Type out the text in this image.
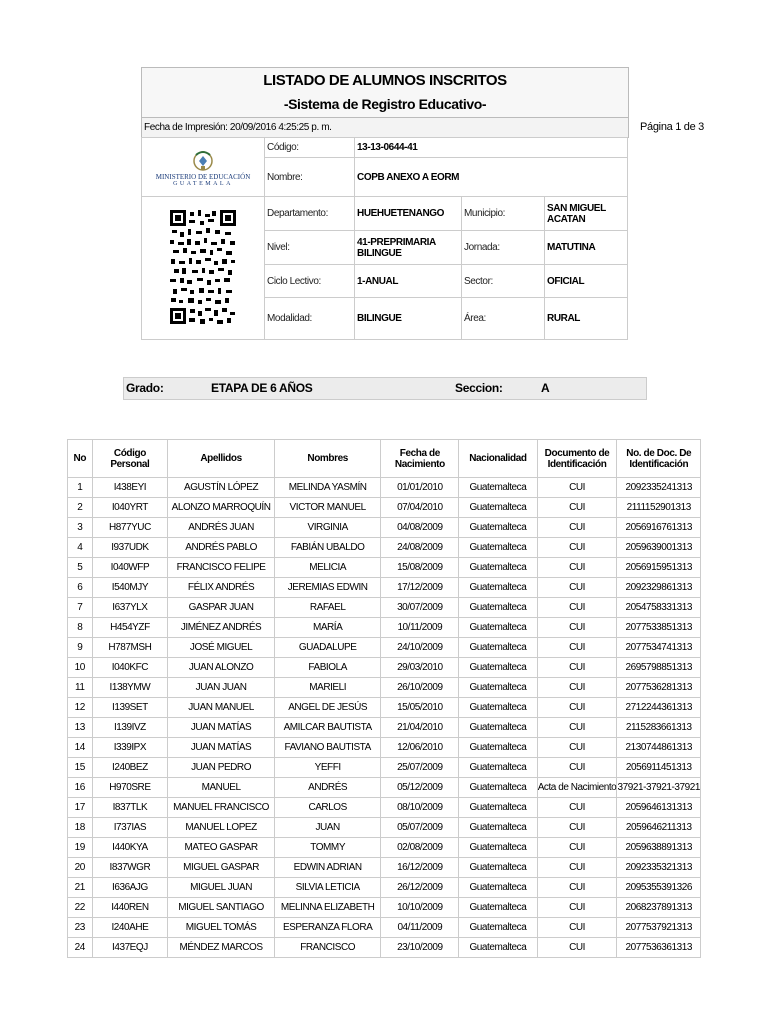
LISTADO DE ALUMNOS INSCRITOS
-Sistema de Registro Educativo-
Fecha de Impresión: 20/09/2016 4:25:25 p. m.	Página 1 de 3
MINISTERIO DE EDUCACIÓN
GUATEMALA	Código:	13-13-0644-41		
	Nombre:	COPB ANEXO A EORM		
	Departamento:	HUEHUETENANGO	Municipio:	SAN MIGUEL ACATAN
	Nivel:	41-PREPRIMARIA BILINGUE	Jornada:	MATUTINA
	Ciclo Lectivo:	1-ANUAL	Sector:	OFICIAL
	Modalidad:	BILINGUE	Área:	RURAL
Grado:	ETAPA DE 6 AÑOS	Seccion:	A
No	Código Personal	Apellidos	Nombres	Fecha de Nacimiento	Nacionalidad	Documento de Identificación	No. de Doc. De Identificación
1	I438EYI	AGUSTÍN LÓPEZ	MELINDA YASMÍN	01/01/2010	Guatemalteca	CUI	2092335241313
2	I040YRT	ALONZO MARROQUÍN	VICTOR MANUEL	07/04/2010	Guatemalteca	CUI	2111152901313
3	H877YUC	ANDRÉS JUAN	VIRGINIA	04/08/2009	Guatemalteca	CUI	2056916761313
4	I937UDK	ANDRÉS PABLO	FABIÁN UBALDO	24/08/2009	Guatemalteca	CUI	2059639001313
5	I040WFP	FRANCISCO FELIPE	MELICIA	15/08/2009	Guatemalteca	CUI	2056915951313
6	I540MJY	FÉLIX ANDRÉS	JEREMIAS EDWIN	17/12/2009	Guatemalteca	CUI	2092329861313
7	I637YLX	GASPAR JUAN	RAFAEL	30/07/2009	Guatemalteca	CUI	2054758331313
8	H454YZF	JIMÉNEZ ANDRÉS	MARÍA	10/11/2009	Guatemalteca	CUI	2077533851313
9	H787MSH	JOSÉ MIGUEL	GUADALUPE	24/10/2009	Guatemalteca	CUI	2077534741313
10	I040KFC	JUAN ALONZO	FABIOLA	29/03/2010	Guatemalteca	CUI	2695798851313
11	I138YMW	JUAN JUAN	MARIELI	26/10/2009	Guatemalteca	CUI	2077536281313
12	I139SET	JUAN MANUEL	ANGEL DE JESÚS	15/05/2010	Guatemalteca	CUI	2712244361313
13	I139IVZ	JUAN MATÍAS	AMILCAR BAUTISTA	21/04/2010	Guatemalteca	CUI	2115283661313
14	I339IPX	JUAN MATÍAS	FAVIANO BAUTISTA	12/06/2010	Guatemalteca	CUI	2130744861313
15	I240BEZ	JUAN PEDRO	YEFFI	25/07/2009	Guatemalteca	CUI	2056911451313
16	H970SRE	MANUEL	ANDRÉS	05/12/2009	Guatemalteca	Acta de Nacimiento	37921-37921-37921
17	I837TLK	MANUEL FRANCISCO	CARLOS	08/10/2009	Guatemalteca	CUI	2059646131313
18	I737IAS	MANUEL LOPEZ	JUAN	05/07/2009	Guatemalteca	CUI	2059646211313
19	I440KYA	MATEO GASPAR	TOMMY	02/08/2009	Guatemalteca	CUI	2059638891313
20	I837WGR	MIGUEL GASPAR	EDWIN ADRIAN	16/12/2009	Guatemalteca	CUI	2092335321313
21	I636AJG	MIGUEL JUAN	SILVIA LETICIA	26/12/2009	Guatemalteca	CUI	2095355391326
22	I440REN	MIGUEL SANTIAGO	MELINNA ELIZABETH	10/10/2009	Guatemalteca	CUI	2068237891313
23	I240AHE	MIGUEL TOMÁS	ESPERANZA FLORA	04/11/2009	Guatemalteca	CUI	2077537921313
24	I437EQJ	MÉNDEZ MARCOS	FRANCISCO	23/10/2009	Guatemalteca	CUI	2077536361313
